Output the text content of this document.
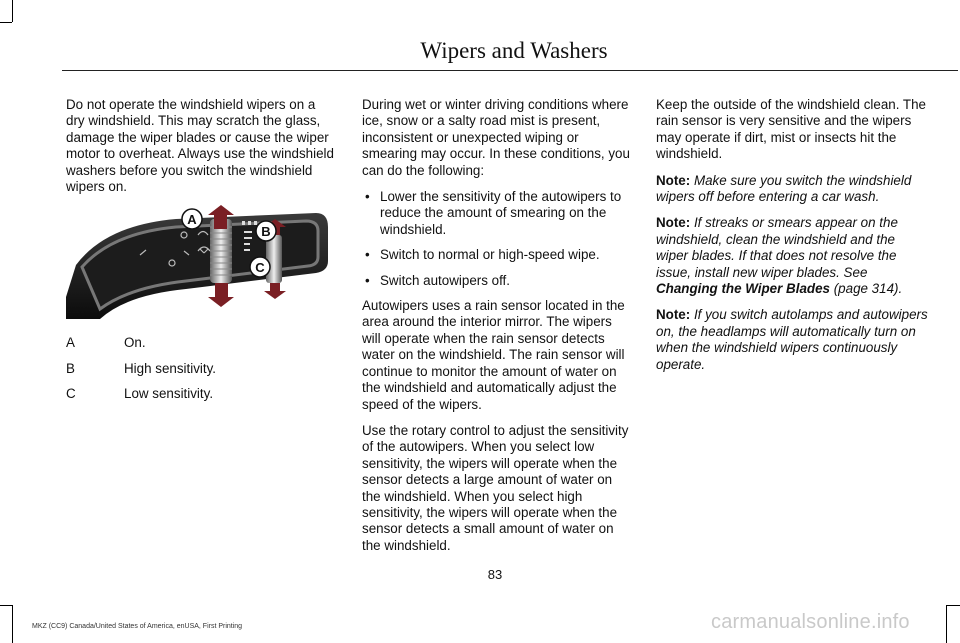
Wipers and Washers

Do not operate the windshield wipers on a dry windshield. This may scratch the glass, damage the wiper blades or cause the wiper motor to overheat. Always use the windshield washers before you switch the windshield wipers on.

A
B
C
E221744
A	On.
B	High sensitivity.
C	Low sensitivity.

During wet or winter driving conditions where ice, snow or a salty road mist is present, inconsistent or unexpected wiping or smearing may occur. In these conditions, you can do the following:

• Lower the sensitivity of the autowipers to reduce the amount of smearing on the windshield.
• Switch to normal or high-speed wipe.
• Switch autowipers off.

Autowipers uses a rain sensor located in the area around the interior mirror. The wipers will operate when the rain sensor detects water on the windshield. The rain sensor will continue to monitor the amount of water on the windshield and automatically adjust the speed of the wipers.

Use the rotary control to adjust the sensitivity of the autowipers. When you select low sensitivity, the wipers will operate when the sensor detects a large amount of water on the windshield. When you select high sensitivity, the wipers will operate when the sensor detects a small amount of water on the windshield.

Keep the outside of the windshield clean. The rain sensor is very sensitive and the wipers may operate if dirt, mist or insects hit the windshield.

Note: Make sure you switch the windshield wipers off before entering a car wash.

Note: If streaks or smears appear on the windshield, clean the windshield and the wiper blades. If that does not resolve the issue, install new wiper blades. See Changing the Wiper Blades (page 314).

Note: If you switch autolamps and autowipers on, the headlamps will automatically turn on when the windshield wipers continuously operate.

83
MKZ (CC9) Canada/United States of America, enUSA, First Printing	carmanualsonline.info
